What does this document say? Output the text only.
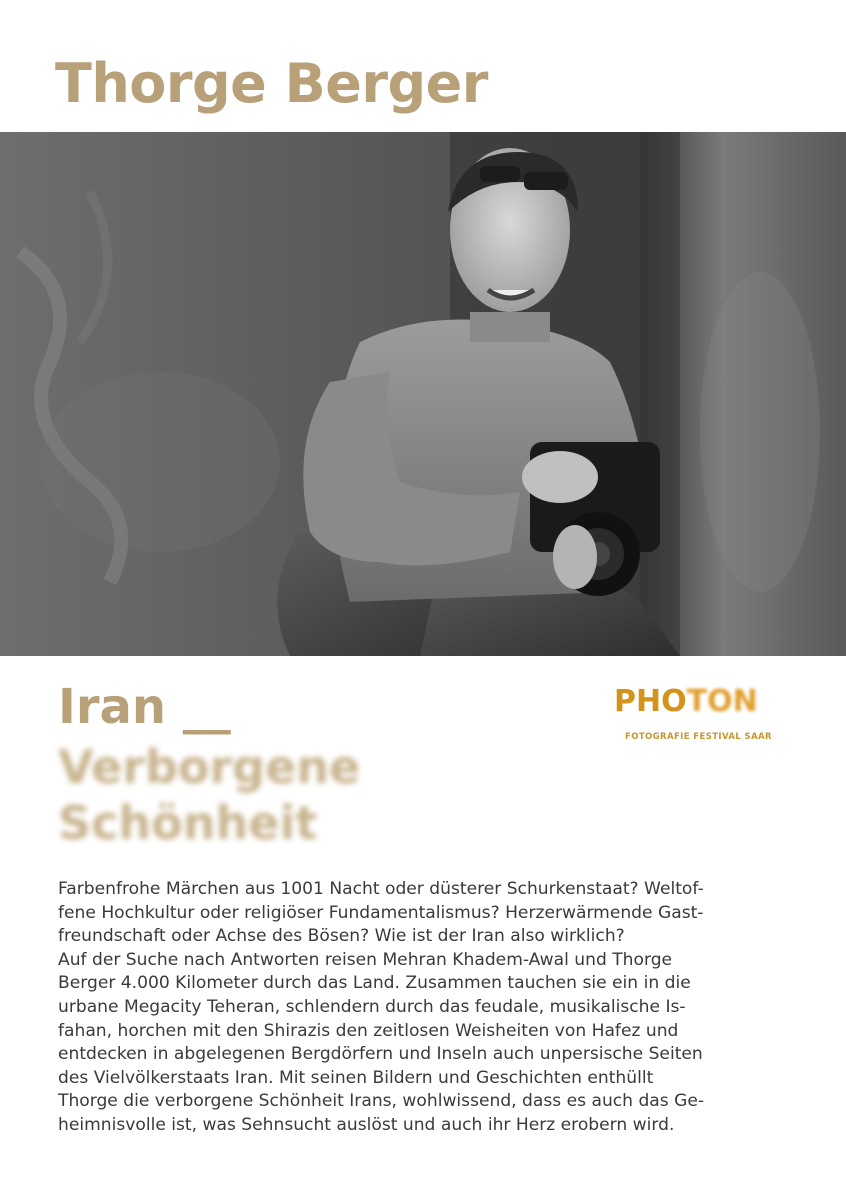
Thorge Berger
Iran __
Verborgene
Schönheit
PHOTON
FOTOGRAFIE FESTIVAL SAAR
Farbenfrohe Märchen aus 1001 Nacht oder düsterer Schurkenstaat? Weltof-
fene Hochkultur oder religiöser Fundamentalismus? Herzerwärmende Gast-
freundschaft oder Achse des Bösen? Wie ist der Iran also wirklich?
Auf der Suche nach Antworten reisen Mehran Khadem-Awal und Thorge
Berger 4.000 Kilometer durch das Land. Zusammen tauchen sie ein in die
urbane Megacity Teheran, schlendern durch das feudale, musikalische Is-
fahan, horchen mit den Shirazis den zeitlosen Weisheiten von Hafez und
entdecken in abgelegenen Bergdörfern und Inseln auch unpersische Seiten
des Vielvölkerstaats Iran. Mit seinen Bildern und Geschichten enthüllt
Thorge die verborgene Schönheit Irans, wohlwissend, dass es auch das Ge-
heimnisvolle ist, was Sehnsucht auslöst und auch ihr Herz erobern wird.
